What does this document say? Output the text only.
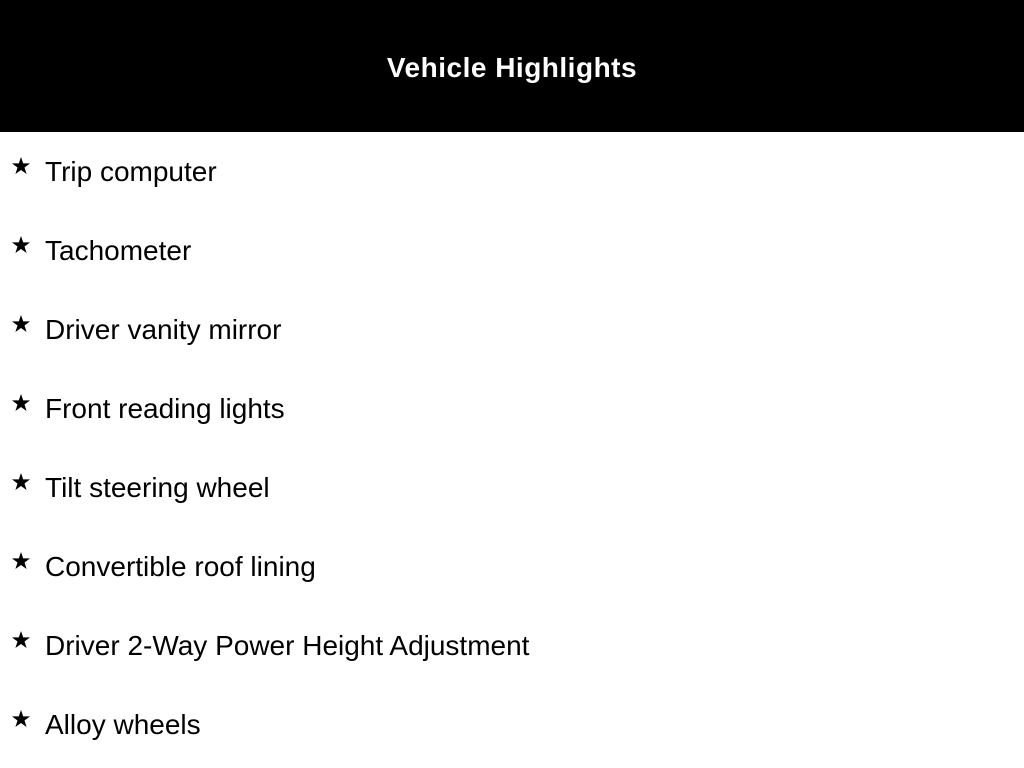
Vehicle Highlights
Trip computer
Tachometer
Driver vanity mirror
Front reading lights
Tilt steering wheel
Convertible roof lining
Driver 2-Way Power Height Adjustment
Alloy wheels
